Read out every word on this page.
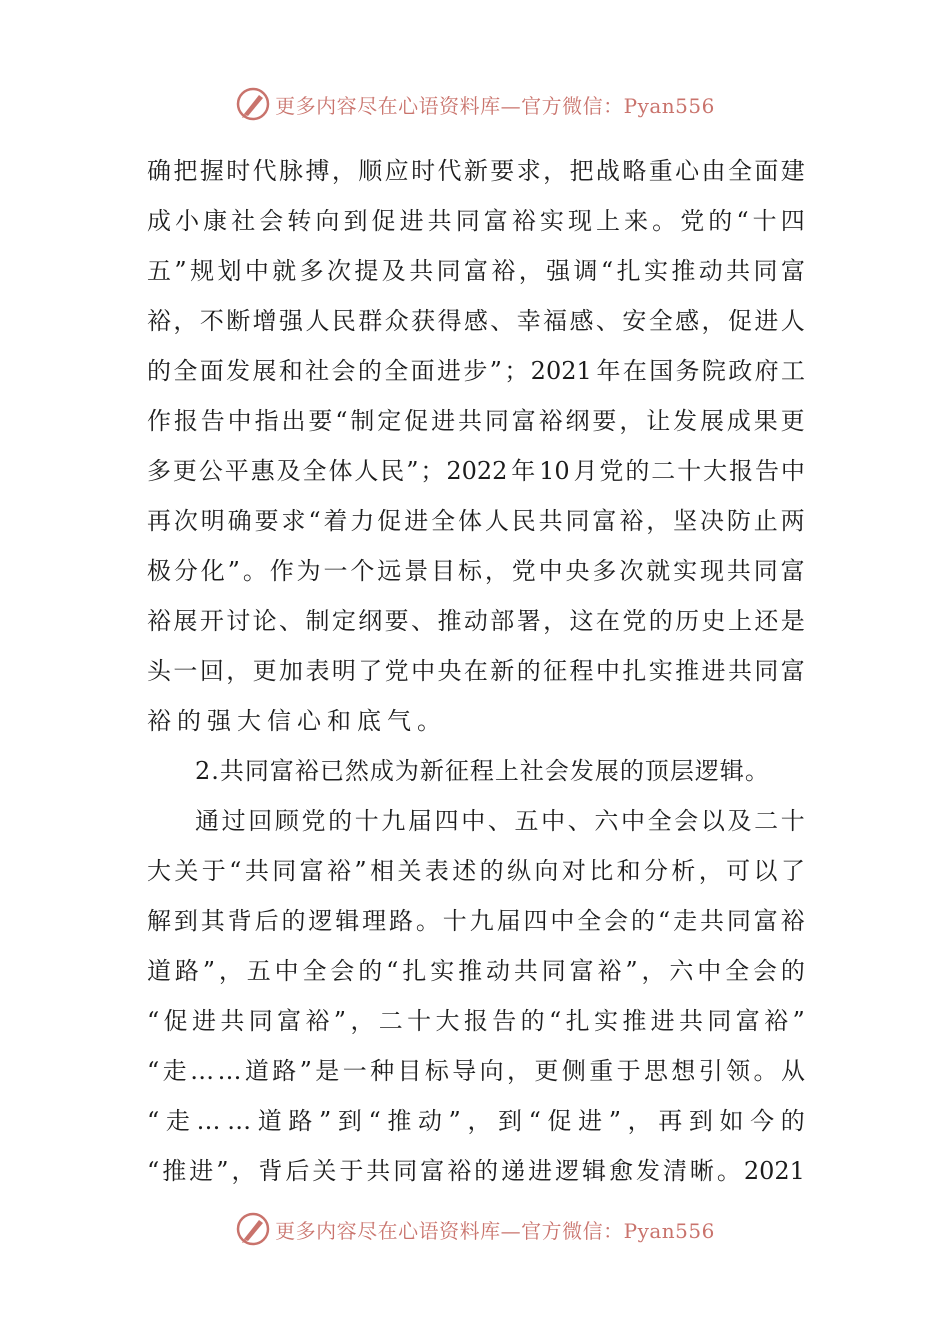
更多内容尽在心语资料库—官方微信：Pyan556
确 把 握 时 代 脉 搏 ， 顺 应 时 代 新 要 求 ， 把 战 略 重 心 由 全 面 建
成 小 康 社 会 转 向 到 促 进 共 同 富 裕 实 现 上 来 。 党 的 “ 十 四
五 ” 规 划 中 就 多 次 提 及 共 同 富 裕 ， 强 调 “ 扎 实 推 动 共 同 富
裕 ， 不 断 增 强 人 民 群 众 获 得 感 、 幸 福 感 、 安 全 感 ， 促 进 人
的 全 面 发 展 和 社 会 的 全 面 进 步 ” ； 2021 年 在 国 务 院 政 府 工
作 报 告 中 指 出 要 “ 制 定 促 进 共 同 富 裕 纲 要 ， 让 发 展 成 果 更
多 更 公 平 惠 及 全 体 人 民 ” ； 2022 年 10 月 党 的 二 十 大 报 告 中
再 次 明 确 要 求 “ 着 力 促 进 全 体 人 民 共 同 富 裕 ， 坚 决 防 止 两
极 分 化 ” 。 作 为 一 个 远 景 目 标 ， 党 中 央 多 次 就 实 现 共 同 富
裕 展 开 讨 论 、 制 定 纲 要 、 推 动 部 署 ， 这 在 党 的 历 史 上 还 是
头 一 回 ， 更 加 表 明 了 党 中 央 在 新 的 征 程 中 扎 实 推 进 共 同 富
裕的强大信心和底气。
2.共同富裕已然成为新征程上社会发展的顶层逻辑。
通 过 回 顾 党 的 十 九 届 四 中 、 五 中 、 六 中 全 会 以 及 二 十
大 关 于 “ 共 同 富 裕 ” 相 关 表 述 的 纵 向 对 比 和 分 析 ， 可 以 了
解 到 其 背 后 的 逻 辑 理 路 。 十 九 届 四 中 全 会 的 “ 走 共 同 富 裕
道 路 ” ， 五 中 全 会 的 “ 扎 实 推 动 共 同 富 裕 ” ， 六 中 全 会 的
“ 促 进 共 同 富 裕 ” ， 二 十 大 报 告 的 “ 扎 实 推 进 共 同 富 裕 ”
“ 走 … … 道 路 ” 是 一 种 目 标 导 向 ， 更 侧 重 于 思 想 引 领 。 从
“ 走 … … 道 路 ” 到 “ 推 动 ” ， 到 “ 促 进 ” ， 再 到 如 今 的
“ 推 进 ” ， 背 后 关 于 共 同 富 裕 的 递 进 逻 辑 愈 发 清 晰 。 2021
更多内容尽在心语资料库—官方微信：Pyan556
